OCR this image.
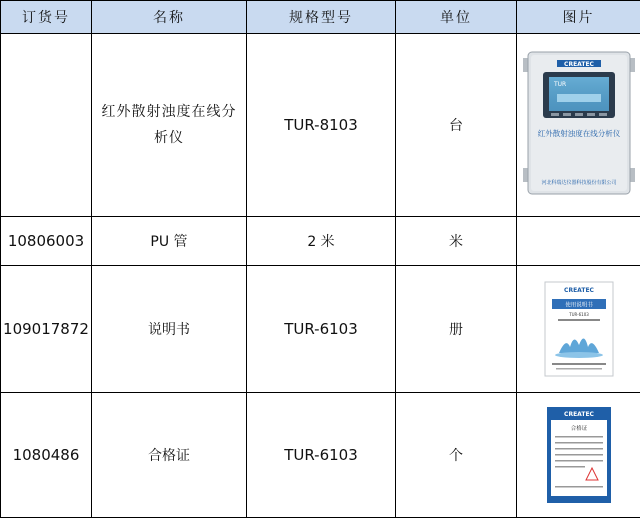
订货号	名称	规格型号	单位	图片
	红外散射浊度在线分析仪	TUR-8103	台	CREATEC
TUR
红外散射浊度在线分析仪
河北科瑞达仪器科技股份有限公司

10806003	PU 管	2 米	米	
109017872	说明书	TUR-6103	册	CREATEC
使用说明书
TUR-6103

1080486	合格证	TUR-6103	个	CREATEC
合格证
